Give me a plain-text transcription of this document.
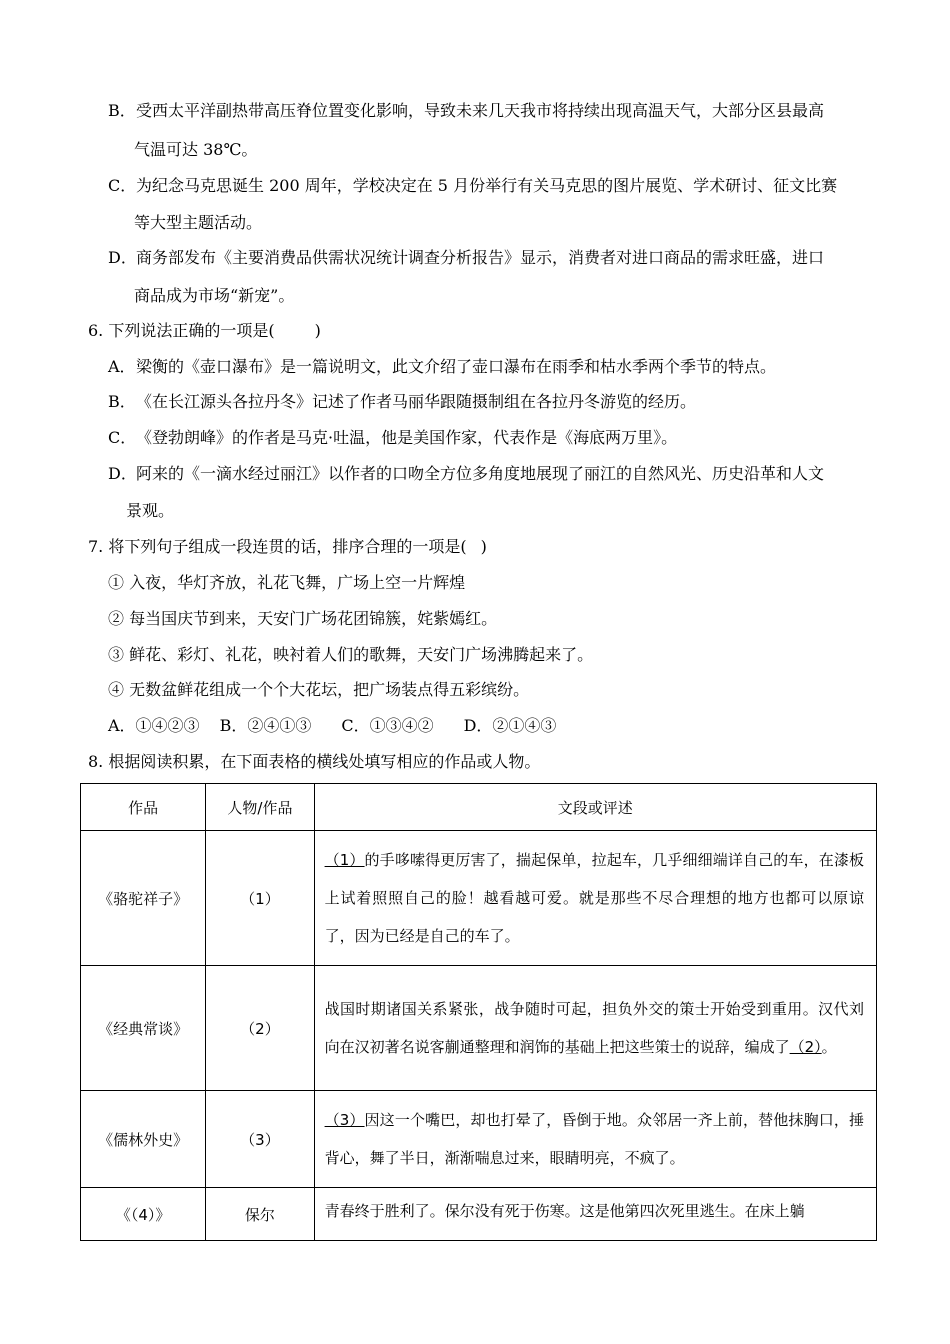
B．受西太平洋副热带高压脊位置变化影响，导致未来几天我市将持续出现高温天气，大部分区县最高
气温可达 38℃。
C．为纪念马克思诞生 200 周年，学校决定在 5 月份举行有关马克思的图片展览、学术研讨、征文比赛
等大型主题活动。
D．商务部发布《主要消费品供需状况统计调查分析报告》显示，消费者对进口商品的需求旺盛，进口
商品成为市场“新宠”。
6. 下列说法正确的一项是(	)
A．梁衡的《壶口瀑布》是一篇说明文，此文介绍了壶口瀑布在雨季和枯水季两个季节的特点。
B．《在长江源头各拉丹冬》记述了作者马丽华跟随摄制组在各拉丹冬游览的经历。
C．《登勃朗峰》的作者是马克·吐温，他是美国作家，代表作是《海底两万里》。
D．阿来的《一滴水经过丽江》以作者的口吻全方位多角度地展现了丽江的自然风光、历史沿革和人文
景观。
7. 将下列句子组成一段连贯的话，排序合理的一项是( )
① 入夜，华灯齐放，礼花飞舞，广场上空一片辉煌
② 每当国庆节到来，天安门广场花团锦簇，姹紫嫣红。
③ 鲜花、彩灯、礼花，映衬着人们的歌舞，天安门广场沸腾起来了。
④ 无数盆鲜花组成一个个大花坛，把广场装点得五彩缤纷。
A．①④②③ B．②④①③ C．①③④② D．②①④③
8. 根据阅读积累，在下面表格的横线处填写相应的作品或人物。
作品	人物/作品	文段或评述
《骆驼祥子》	（1）	（1）的手哆嗦得更厉害了，揣起保单，拉起车，几乎细细端详自己的车，在漆板上试着照照自己的脸！越看越可爱。就是那些不尽合理想的地方也都可以原谅了，因为已经是自己的车了。

《经典常谈》	（2）	战国时期诸国关系紧张，战争随时可起，担负外交的策士开始受到重用。汉代刘向在汉初著名说客蒯通整理和润饰的基础上把这些策士的说辞，编成了（2）。

《儒林外史》	（3）	（3）因这一个嘴巴，却也打晕了，昏倒于地。众邻居一齐上前，替他抹胸口，捶背心，舞了半日，渐渐喘息过来，眼睛明亮，不疯了。

《（4）》	保尔	青春终于胜利了。保尔没有死于伤寒。这是他第四次死里逃生。在床上躺
